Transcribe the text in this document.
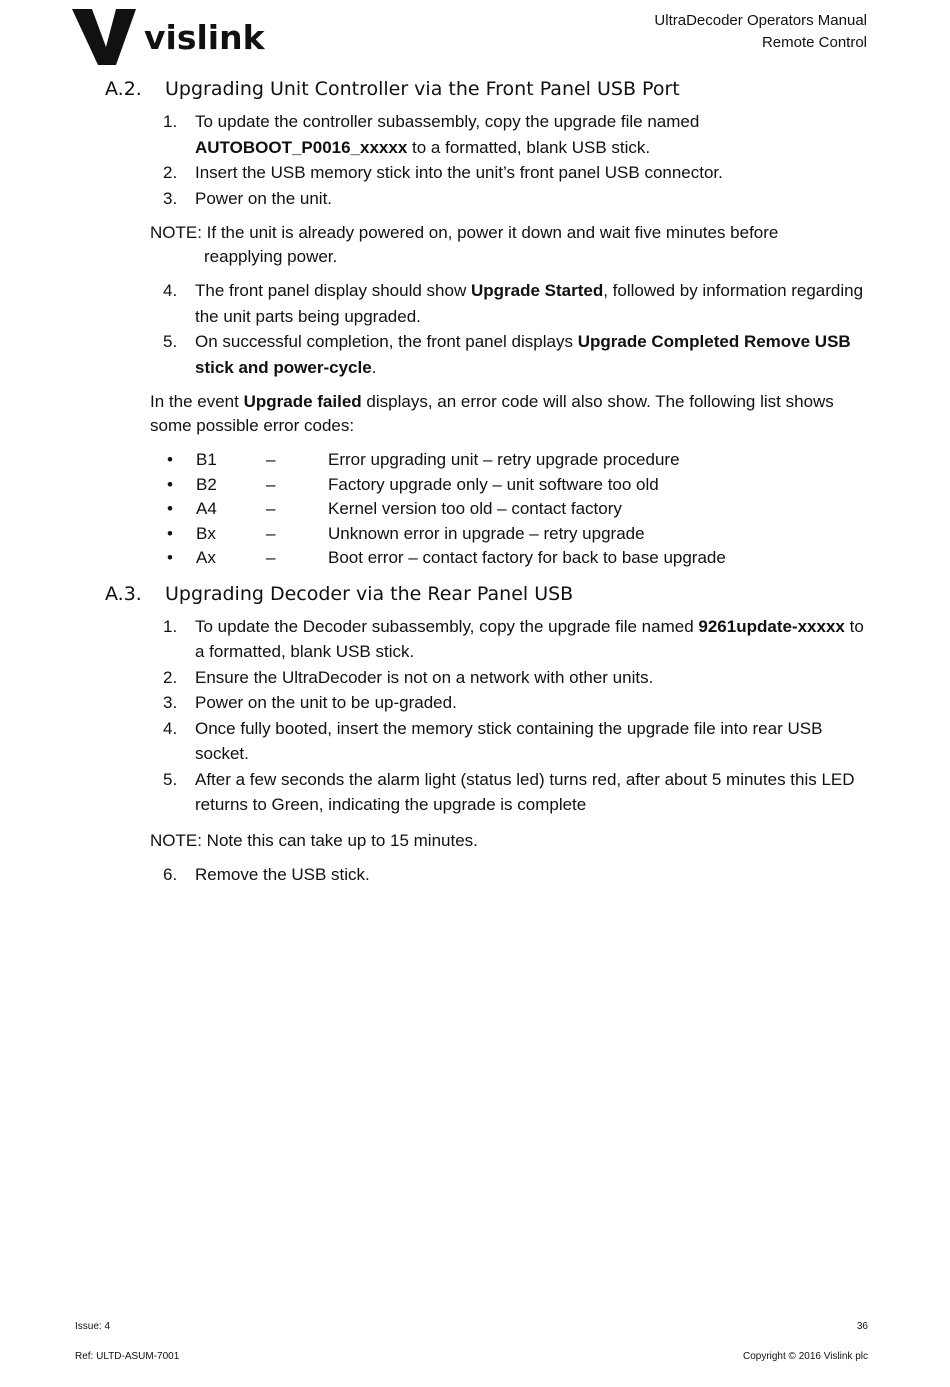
vislink	UltraDecoder Operators Manual
Remote Control
A.2.	Upgrading Unit Controller via the Front Panel USB Port
1.	To update the controller subassembly, copy the upgrade file named AUTOBOOT_P0016_xxxxx to a formatted, blank USB stick.
2.	Insert the USB memory stick into the unit’s front panel USB connector.
3.	Power on the unit.
NOTE: If the unit is already powered on, power it down and wait five minutes before
reapplying power.
4.	The front panel display should show Upgrade Started, followed by information regarding the unit parts being upgraded.
5.	On successful completion, the front panel displays Upgrade Completed Remove USB stick and power-cycle.

In the event Upgrade failed displays, an error code will also show. The following list shows some possible error codes:

•	B1	–	Error upgrading unit – retry upgrade procedure
•	B2	–	Factory upgrade only – unit software too old
•	A4	–	Kernel version too old – contact factory
•	Bx	–	Unknown error in upgrade – retry upgrade
•	Ax	–	Boot error – contact factory for back to base upgrade
A.3.	Upgrading Decoder via the Rear Panel USB
1.	To update the Decoder subassembly, copy the upgrade file named 9261update-xxxxx to a formatted, blank USB stick.
2.	Ensure the UltraDecoder is not on a network with other units.
3.	Power on the unit to be up-graded.
4.	Once fully booted, insert the memory stick containing the upgrade file into rear USB socket.
5.	After a few seconds the alarm light (status led) turns red, after about 5 minutes this LED returns to Green, indicating the upgrade is complete

NOTE: Note this can take up to 15 minutes.

6.	Remove the USB stick.
Issue: 4	36
Ref: ULTD-ASUM-7001	Copyright © 2016 Vislink plc
